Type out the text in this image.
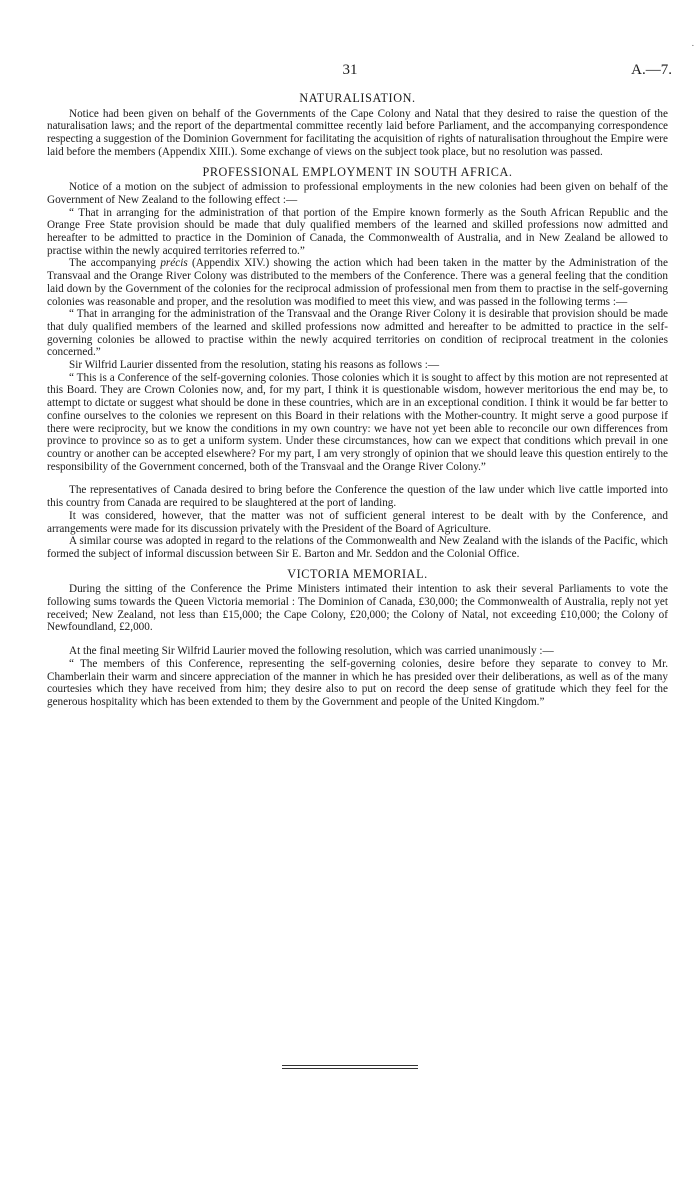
.
31	A.—7.
NATURALISATION.

Notice had been given on behalf of the Governments of the Cape Colony and Natal that they desired to raise the question of the naturalisation laws; and the report of the departmental committee recently laid before Parliament, and the accompanying correspondence respecting a suggestion of the Dominion Government for facilitating the acquisition of rights of naturalisation throughout the Empire were laid before the members (Appendix XIII.). Some exchange of views on the subject took place, but no resolution was passed.

PROFESSIONAL EMPLOYMENT IN SOUTH AFRICA.

Notice of a motion on the subject of admission to professional employments in the new colonies had been given on behalf of the Government of New Zealand to the following effect :—

“ That in arranging for the administration of that portion of the Empire known formerly as the South African Republic and the Orange Free State provision should be made that duly qualified members of the learned and skilled professions now admitted and hereafter to be admitted to practice in the Dominion of Canada, the Commonwealth of Australia, and in New Zealand be allowed to practise within the newly acquired territories referred to.”

The accompanying précis (Appendix XIV.) showing the action which had been taken in the matter by the Administration of the Transvaal and the Orange River Colony was distributed to the members of the Conference. There was a general feeling that the condition laid down by the Government of the colonies for the reciprocal admission of professional men from them to practise in the self-governing colonies was reasonable and proper, and the resolution was modified to meet this view, and was passed in the following terms :—

“ That in arranging for the administration of the Transvaal and the Orange River Colony it is desirable that provision should be made that duly qualified members of the learned and skilled professions now admitted and hereafter to be admitted to practice in the self-governing colonies be allowed to practise within the newly acquired territories on condition of reciprocal treatment in the colonies concerned.”

Sir Wilfrid Laurier dissented from the resolution, stating his reasons as follows :—

“ This is a Conference of the self-governing colonies. Those colonies which it is sought to affect by this motion are not represented at this Board. They are Crown Colonies now, and, for my part, I think it is questionable wisdom, however meritorious the end may be, to attempt to dictate or suggest what should be done in these countries, which are in an exceptional condition. I think it would be far better to confine ourselves to the colonies we represent on this Board in their relations with the Mother-country. It might serve a good purpose if there were reciprocity, but we know the conditions in my own country: we have not yet been able to reconcile our own differences from province to province so as to get a uniform system. Under these circumstances, how can we expect that conditions which prevail in one country or another can be accepted elsewhere? For my part, I am very strongly of opinion that we should leave this question entirely to the responsibility of the Government concerned, both of the Transvaal and the Orange River Colony.”

The representatives of Canada desired to bring before the Conference the question of the law under which live cattle imported into this country from Canada are required to be slaughtered at the port of landing.

It was considered, however, that the matter was not of sufficient general interest to be dealt with by the Conference, and arrangements were made for its discussion privately with the President of the Board of Agriculture.

A similar course was adopted in regard to the relations of the Commonwealth and New Zealand with the islands of the Pacific, which formed the subject of informal discussion between Sir E. Barton and Mr. Seddon and the Colonial Office.

VICTORIA MEMORIAL.

During the sitting of the Conference the Prime Ministers intimated their intention to ask their several Parliaments to vote the following sums towards the Queen Victoria memorial : The Dominion of Canada, £30,000; the Commonwealth of Australia, reply not yet received; New Zealand, not less than £15,000; the Cape Colony, £20,000; the Colony of Natal, not exceeding £10,000; the Colony of Newfoundland, £2,000.

At the final meeting Sir Wilfrid Laurier moved the following resolution, which was carried unanimously :—

“ The members of this Conference, representing the self-governing colonies, desire before they separate to convey to Mr. Chamberlain their warm and sincere appreciation of the manner in which he has presided over their deliberations, as well as of the many courtesies which they have received from him; they desire also to put on record the deep sense of gratitude which they feel for the generous hospitality which has been extended to them by the Government and people of the United Kingdom.”
